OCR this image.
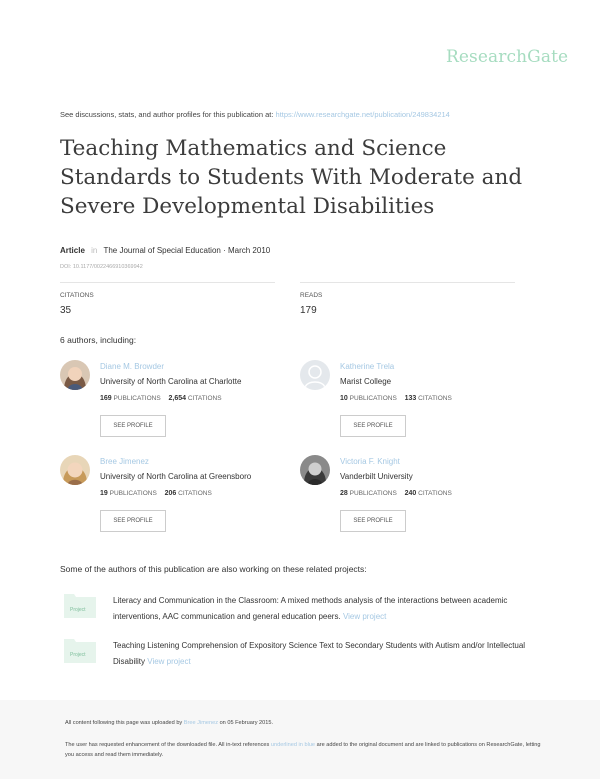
ResearchGate
See discussions, stats, and author profiles for this publication at: https://www.researchgate.net/publication/249834214
Teaching Mathematics and Science Standards to Students With Moderate and Severe Developmental Disabilities
Article in The Journal of Special Education · March 2010
DOI: 10.1177/0022466910369942
CITATIONS
35
READS
179
6 authors, including:
Diane M. Browder
University of North Carolina at Charlotte
169 PUBLICATIONS 2,654 CITATIONS
SEE PROFILE
Katherine Trela
Marist College
10 PUBLICATIONS 133 CITATIONS
SEE PROFILE
Bree Jimenez
University of North Carolina at Greensboro
19 PUBLICATIONS 206 CITATIONS
SEE PROFILE
Victoria F. Knight
Vanderbilt University
28 PUBLICATIONS 240 CITATIONS
SEE PROFILE
Some of the authors of this publication are also working on these related projects:
Project
Literacy and Communication in the Classroom: A mixed methods analysis of the interactions between academic interventions, AAC communication and general education peers. View project
Project
Teaching Listening Comprehension of Expository Science Text to Secondary Students with Autism and/or Intellectual Disability View project
All content following this page was uploaded by Bree Jimenez on 05 February 2015.
The user has requested enhancement of the downloaded file. All in-text references underlined in blue are added to the original document and are linked to publications on ResearchGate, letting you access and read them immediately.
